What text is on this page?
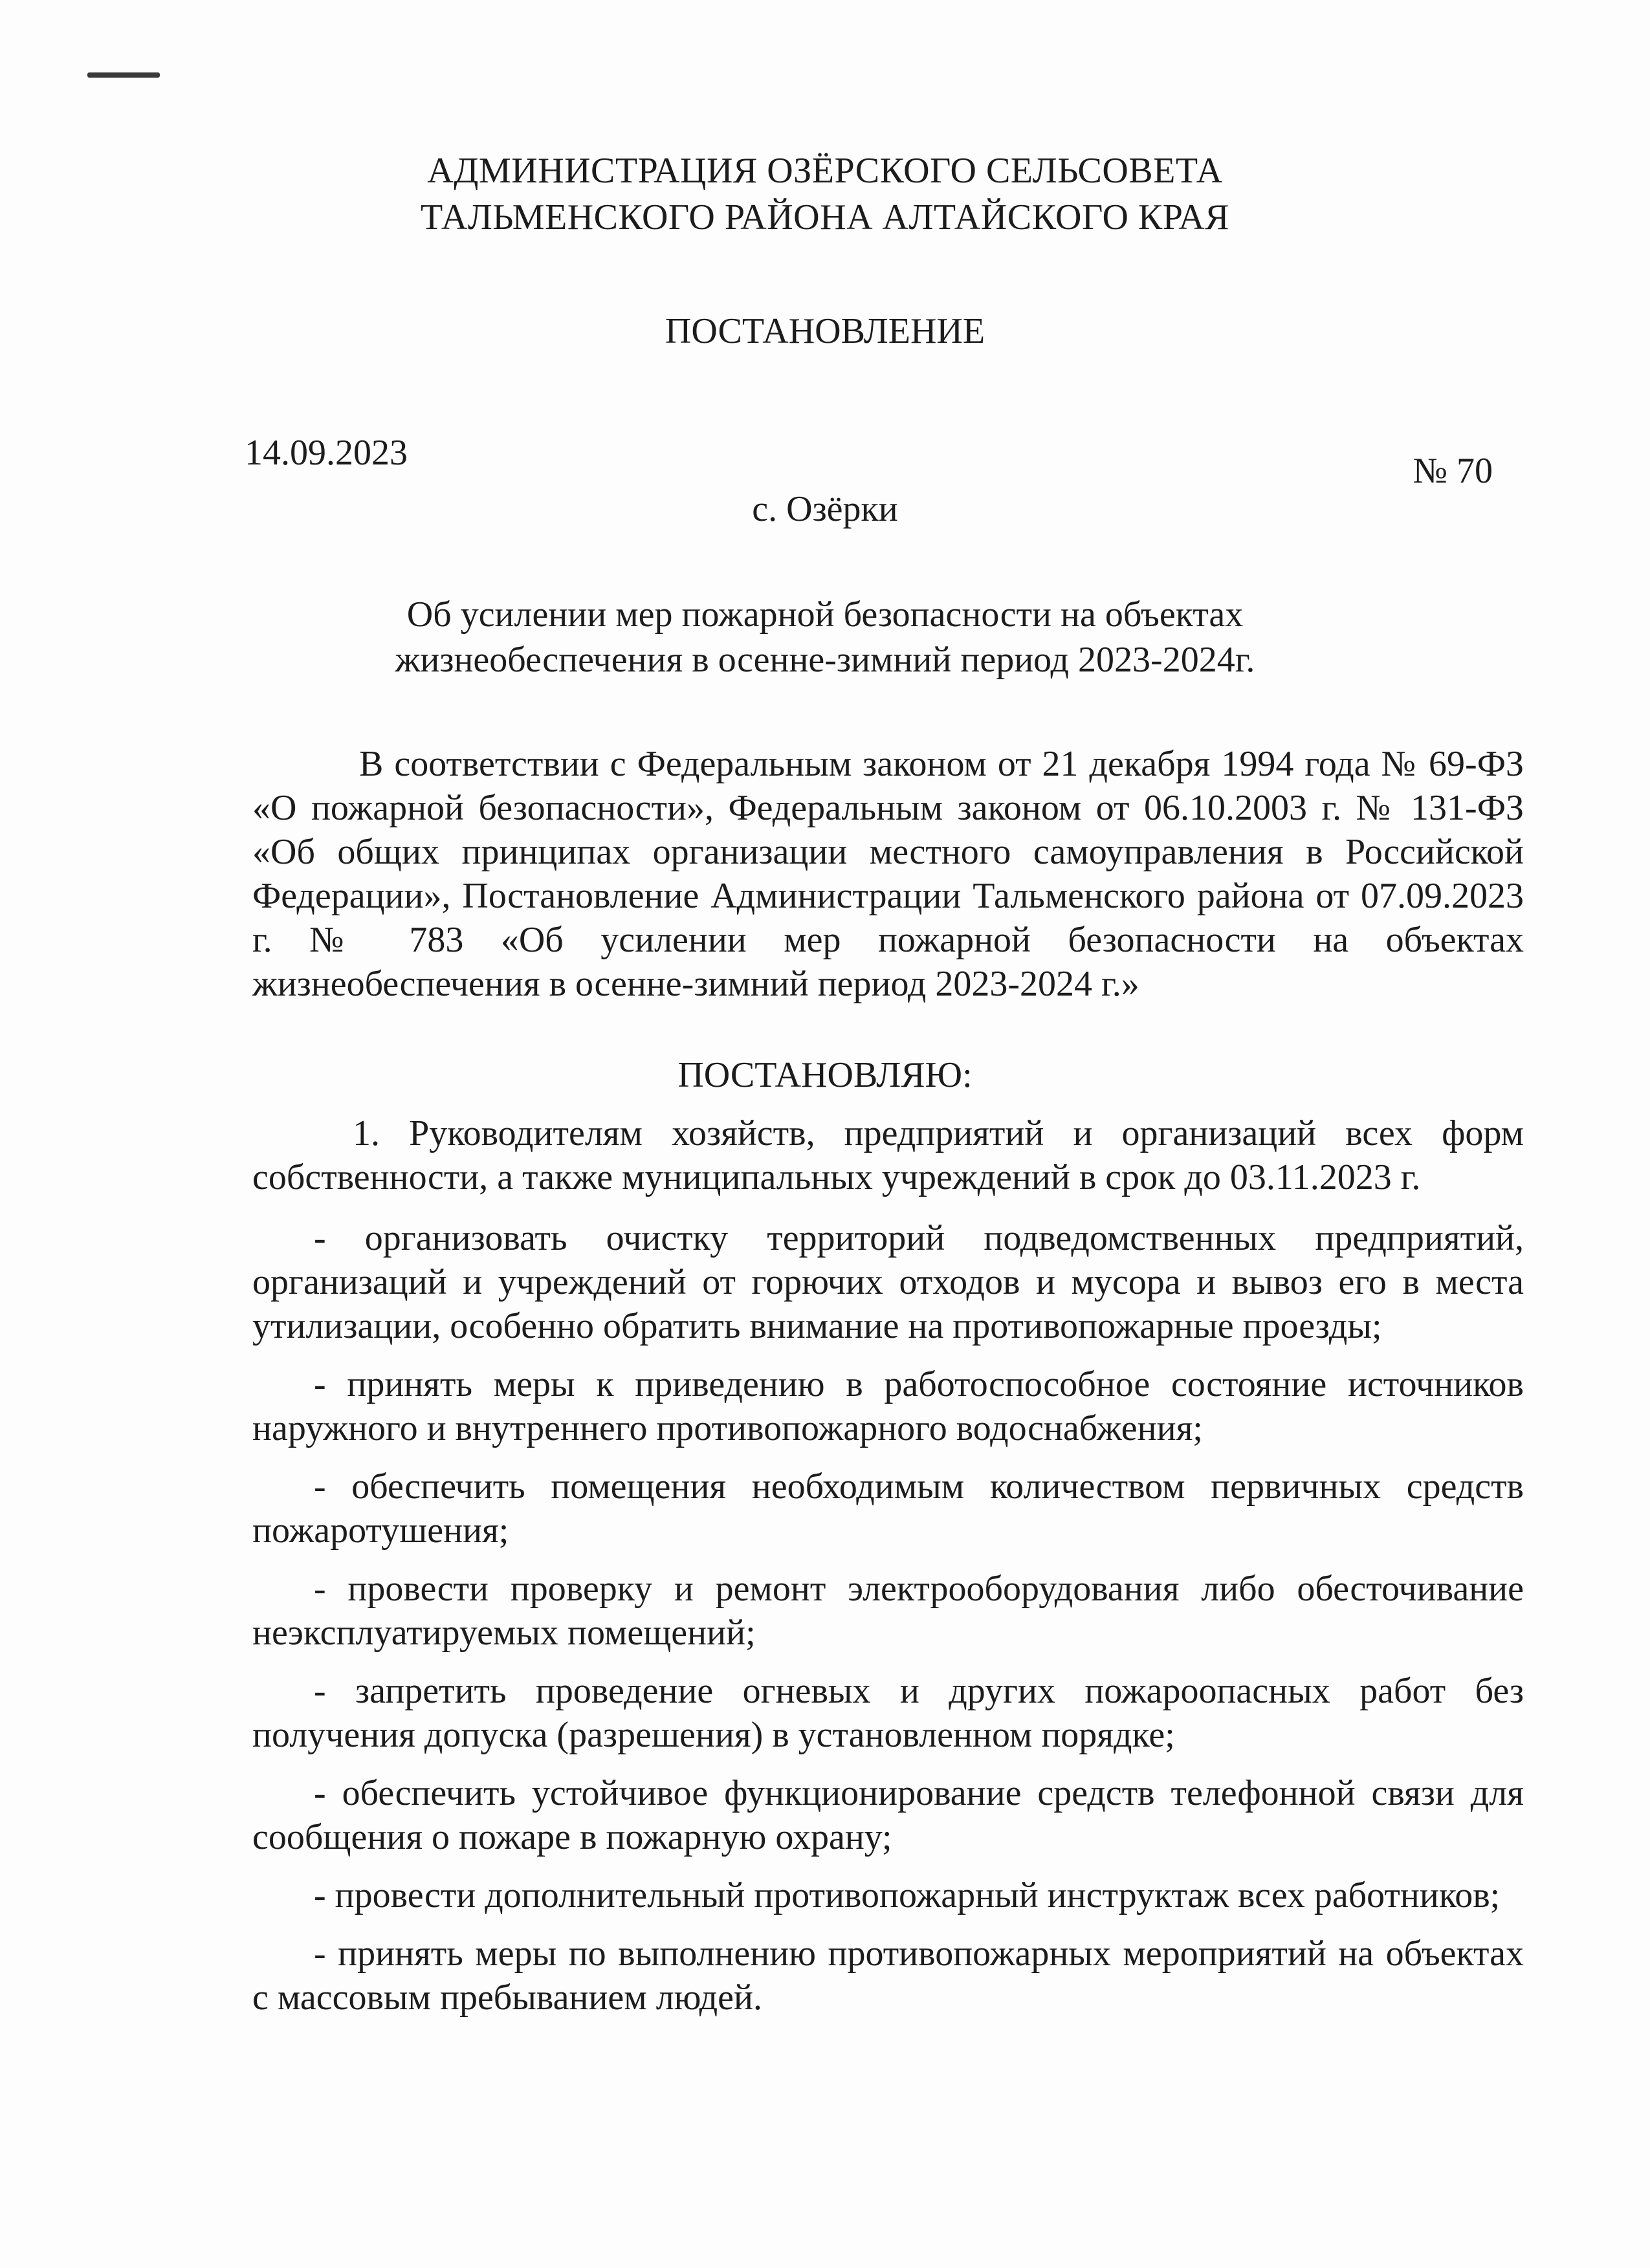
АДМИНИСТРАЦИЯ ОЗЁРСКОГО СЕЛЬСОВЕТА
ТАЛЬМЕНСКОГО РАЙОНА АЛТАЙСКОГО КРАЯ
ПОСТАНОВЛЕНИЕ
14.09.2023	№ 70
с. Озёрки
Об усилении мер пожарной безопасности на объектах жизнеобеспечения в осенне-зимний период 2023-2024г.

В соответствии с Федеральным законом от 21 декабря 1994 года № 69-ФЗ «О пожарной безопасности», Федеральным законом от 06.10.2003 г. № 131-ФЗ «Об общих принципах организации местного самоуправления в Российской Федерации», Постановление Администрации Тальменского района от 07.09.2023 г. № 783 «Об усилении мер пожарной безопасности на объектах жизнеобеспечения в осенне-зимний период 2023-2024 г.»

ПОСТАНОВЛЯЮ:

1. Руководителям хозяйств, предприятий и организаций всех форм собственности, а также муниципальных учреждений в срок до 03.11.2023 г.

- организовать очистку территорий подведомственных предприятий, организаций и учреждений от горючих отходов и мусора и вывоз его в места утилизации, особенно обратить внимание на противопожарные проезды;

- принять меры к приведению в работоспособное состояние источников наружного и внутреннего противопожарного водоснабжения;

- обеспечить помещения необходимым количеством первичных средств пожаротушения;

- провести проверку и ремонт электрооборудования либо обесточивание неэксплуатируемых помещений;

- запретить проведение огневых и других пожароопасных работ без получения допуска (разрешения) в установленном порядке;

- обеспечить устойчивое функционирование средств телефонной связи для сообщения о пожаре в пожарную охрану;

- провести дополнительный противопожарный инструктаж всех работников;

- принять меры по выполнению противопожарных мероприятий на объектах с массовым пребыванием людей.
